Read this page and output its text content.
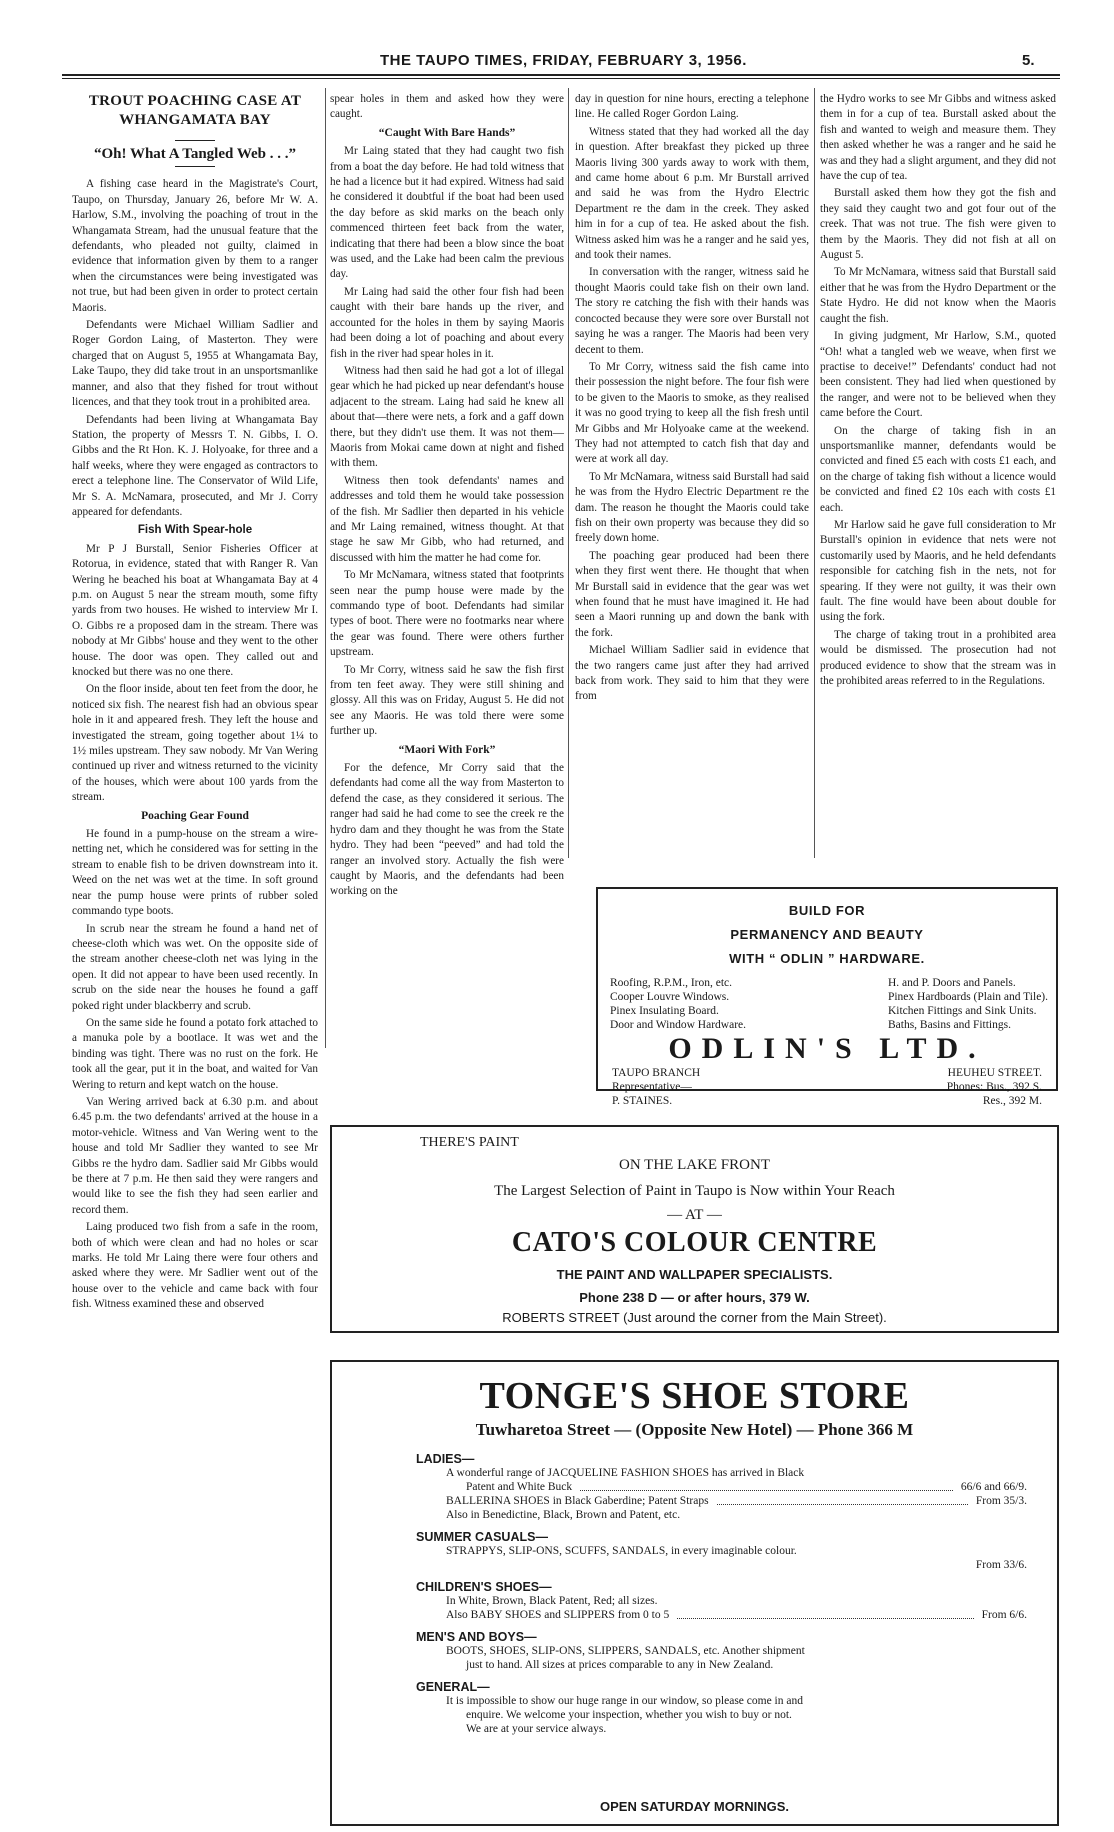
THE TAUPO TIMES, FRIDAY, FEBRUARY 3, 1956.	5.
TROUT POACHING CASE AT WHANGAMATA BAY
“Oh! What A Tangled Web . . .”

A fishing case heard in the Magistrate's Court, Taupo, on Thursday, January 26, before Mr W. A. Harlow, S.M., involving the poaching of trout in the Whangamata Stream, had the unusual feature that the defendants, who pleaded not guilty, claimed in evidence that information given by them to a ranger when the circumstances were being investigated was not true, but had been given in order to protect certain Maoris.

Defendants were Michael William Sadlier and Roger Gordon Laing, of Masterton. They were charged that on August 5, 1955 at Whangamata Bay, Lake Taupo, they did take trout in an unsportsmanlike manner, and also that they fished for trout without licences, and that they took trout in a prohibited area.

Defendants had been living at Whangamata Bay Station, the property of Messrs T. N. Gibbs, I. O. Gibbs and the Rt Hon. K. J. Holyoake, for three and a half weeks, where they were engaged as contractors to erect a telephone line. The Conservator of Wild Life, Mr S. A. McNamara, prosecuted, and Mr J. Corry appeared for defendants.

Fish With Spear-hole

Mr P J Burstall, Senior Fisheries Officer at Rotorua, in evidence, stated that with Ranger R. Van Wering he beached his boat at Whangamata Bay at 4 p.m. on August 5 near the stream mouth, some fifty yards from two houses. He wished to interview Mr I. O. Gibbs re a proposed dam in the stream. There was nobody at Mr Gibbs' house and they went to the other house. The door was open. They called out and knocked but there was no one there.

On the floor inside, about ten feet from the door, he noticed six fish. The nearest fish had an obvious spear hole in it and appeared fresh. They left the house and investigated the stream, going together about 1¼ to 1½ miles upstream. They saw nobody. Mr Van Wering continued up river and witness returned to the vicinity of the houses, which were about 100 yards from the stream.

Poaching Gear Found

He found in a pump-house on the stream a wire-netting net, which he considered was for setting in the stream to enable fish to be driven downstream into it. Weed on the net was wet at the time. In soft ground near the pump house were prints of rubber soled commando type boots.

In scrub near the stream he found a hand net of cheese-cloth which was wet. On the opposite side of the stream another cheese-cloth net was lying in the open. It did not appear to have been used recently. In scrub on the side near the houses he found a gaff poked right under blackberry and scrub.

On the same side he found a potato fork attached to a manuka pole by a bootlace. It was wet and the binding was tight. There was no rust on the fork. He took all the gear, put it in the boat, and waited for Van Wering to return and kept watch on the house.

Van Wering arrived back at 6.30 p.m. and about 6.45 p.m. the two defendants' arrived at the house in a motor-vehicle. Witness and Van Wering went to the house and told Mr Sadlier they wanted to see Mr Gibbs re the hydro dam. Sadlier said Mr Gibbs would be there at 7 p.m. He then said they were rangers and would like to see the fish they had seen earlier and record them.

Laing produced two fish from a safe in the room, both of which were clean and had no holes or scar marks. He told Mr Laing there were four others and asked where they were. Mr Sadlier went out of the house over to the vehicle and came back with four fish. Witness examined these and observed

spear holes in them and asked how they were caught.

“Caught With Bare Hands”

Mr Laing stated that they had caught two fish from a boat the day before. He had told witness that he had a licence but it had expired. Witness had said he considered it doubtful if the boat had been used the day before as skid marks on the beach only commenced thirteen feet back from the water, indicating that there had been a blow since the boat was used, and the Lake had been calm the previous day.

Mr Laing had said the other four fish had been caught with their bare hands up the river, and accounted for the holes in them by saying Maoris had been doing a lot of poaching and about every fish in the river had spear holes in it.

Witness had then said he had got a lot of illegal gear which he had picked up near defendant's house adjacent to the stream. Laing had said he knew all about that—there were nets, a fork and a gaff down there, but they didn't use them. It was not them—Maoris from Mokai came down at night and fished with them.

Witness then took defendants' names and addresses and told them he would take possession of the fish. Mr Sadlier then departed in his vehicle and Mr Laing remained, witness thought. At that stage he saw Mr Gibb, who had returned, and discussed with him the matter he had come for.

To Mr McNamara, witness stated that footprints seen near the pump house were made by the commando type of boot. Defendants had similar types of boot. There were no footmarks near where the gear was found. There were others further upstream.

To Mr Corry, witness said he saw the fish first from ten feet away. They were still shining and glossy. All this was on Friday, August 5. He did not see any Maoris. He was told there were some further up.

“Maori With Fork”

For the defence, Mr Corry said that the defendants had come all the way from Masterton to defend the case, as they considered it serious. The ranger had said he had come to see the creek re the hydro dam and they thought he was from the State hydro. They had been “peeved” and had told the ranger an involved story. Actually the fish were caught by Maoris, and the defendants had been working on the

day in question for nine hours, erecting a telephone line. He called Roger Gordon Laing.

Witness stated that they had worked all the day in question. After breakfast they picked up three Maoris living 300 yards away to work with them, and came home about 6 p.m. Mr Burstall arrived and said he was from the Hydro Electric Department re the dam in the creek. They asked him in for a cup of tea. He asked about the fish. Witness asked him was he a ranger and he said yes, and took their names.

In conversation with the ranger, witness said he thought Maoris could take fish on their own land. The story re catching the fish with their hands was concocted because they were sore over Burstall not saying he was a ranger. The Maoris had been very decent to them.

To Mr Corry, witness said the fish came into their possession the night before. The four fish were to be given to the Maoris to smoke, as they realised it was no good trying to keep all the fish fresh until Mr Gibbs and Mr Holyoake came at the weekend. They had not attempted to catch fish that day and were at work all day.

To Mr McNamara, witness said Burstall had said he was from the Hydro Electric Department re the dam. The reason he thought the Maoris could take fish on their own property was because they did so freely down home.

The poaching gear produced had been there when they first went there. He thought that when Mr Burstall said in evidence that the gear was wet when found that he must have imagined it. He had seen a Maori running up and down the bank with the fork.

Michael William Sadlier said in evidence that the two rangers came just after they had arrived back from work. They said to him that they were from

the Hydro works to see Mr Gibbs and witness asked them in for a cup of tea. Burstall asked about the fish and wanted to weigh and measure them. They then asked whether he was a ranger and he said he was and they had a slight argument, and they did not have the cup of tea.

Burstall asked them how they got the fish and they said they caught two and got four out of the creek. That was not true. The fish were given to them by the Maoris. They did not fish at all on August 5.

To Mr McNamara, witness said that Burstall said either that he was from the Hydro Department or the State Hydro. He did not know when the Maoris caught the fish.

In giving judgment, Mr Harlow, S.M., quoted “Oh! what a tangled web we weave, when first we practise to deceive!” Defendants' conduct had not been consistent. They had lied when questioned by the ranger, and were not to be believed when they came before the Court.

On the charge of taking fish in an unsportsmanlike manner, defendants would be convicted and fined £5 each with costs £1 each, and on the charge of taking fish without a licence would be convicted and fined £2 10s each with costs £1 each.

Mr Harlow said he gave full consideration to Mr Burstall's opinion in evidence that nets were not customarily used by Maoris, and he held defendants responsible for catching fish in the nets, not for spearing. If they were not guilty, it was their own fault. The fine would have been about double for using the fork.

The charge of taking trout in a prohibited area would be dismissed. The prosecution had not produced evidence to show that the stream was in the prohibited areas referred to in the Regulations.

BUILD FOR
PERMANENCY AND BEAUTY
WITH “ ODLIN ” HARDWARE.
Roofing, R.P.M., Iron, etc.
Cooper Louvre Windows.
Pinex Insulating Board.
Door and Window Hardware.
H. and P. Doors and Panels.
Pinex Hardboards (Plain and Tile).
Kitchen Fittings and Sink Units.
Baths, Basins and Fittings.
ODLIN'S LTD.
TAUPO BRANCH
Representative—
P. STAINES.
HEUHEU STREET.
Phones: Bus., 392 S.
Res., 392 M.
THERE'S PAINT
ON THE LAKE FRONT
The Largest Selection of Paint in Taupo is Now within Your Reach
— AT —
CATO'S COLOUR CENTRE
THE PAINT AND WALLPAPER SPECIALISTS.
Phone 238 D — or after hours, 379 W.
ROBERTS STREET (Just around the corner from the Main Street).
TONGE'S SHOE STORE
Tuwharetoa Street — (Opposite New Hotel) — Phone 366 M
LADIES—
A wonderful range of JACQUELINE FASHION SHOES has arrived in Black
Patent and White Buck	66/6 and 66/9.
BALLERINA SHOES in Black Gaberdine; Patent Straps	From 35/3.
Also in Benedictine, Black, Brown and Patent, etc.
SUMMER CASUALS—
STRAPPYS, SLIP-ONS, SCUFFS, SANDALS, in every imaginable colour.
From 33/6.
CHILDREN'S SHOES—
In White, Brown, Black Patent, Red; all sizes.
Also BABY SHOES and SLIPPERS from 0 to 5	From 6/6.
MEN'S AND BOYS—
BOOTS, SHOES, SLIP-ONS, SLIPPERS, SANDALS, etc. Another shipment
just to hand. All sizes at prices comparable to any in New Zealand.
GENERAL—
It is impossible to show our huge range in our window, so please come in and
enquire. We welcome your inspection, whether you wish to buy or not.
We are at your service always.
OPEN SATURDAY MORNINGS.
